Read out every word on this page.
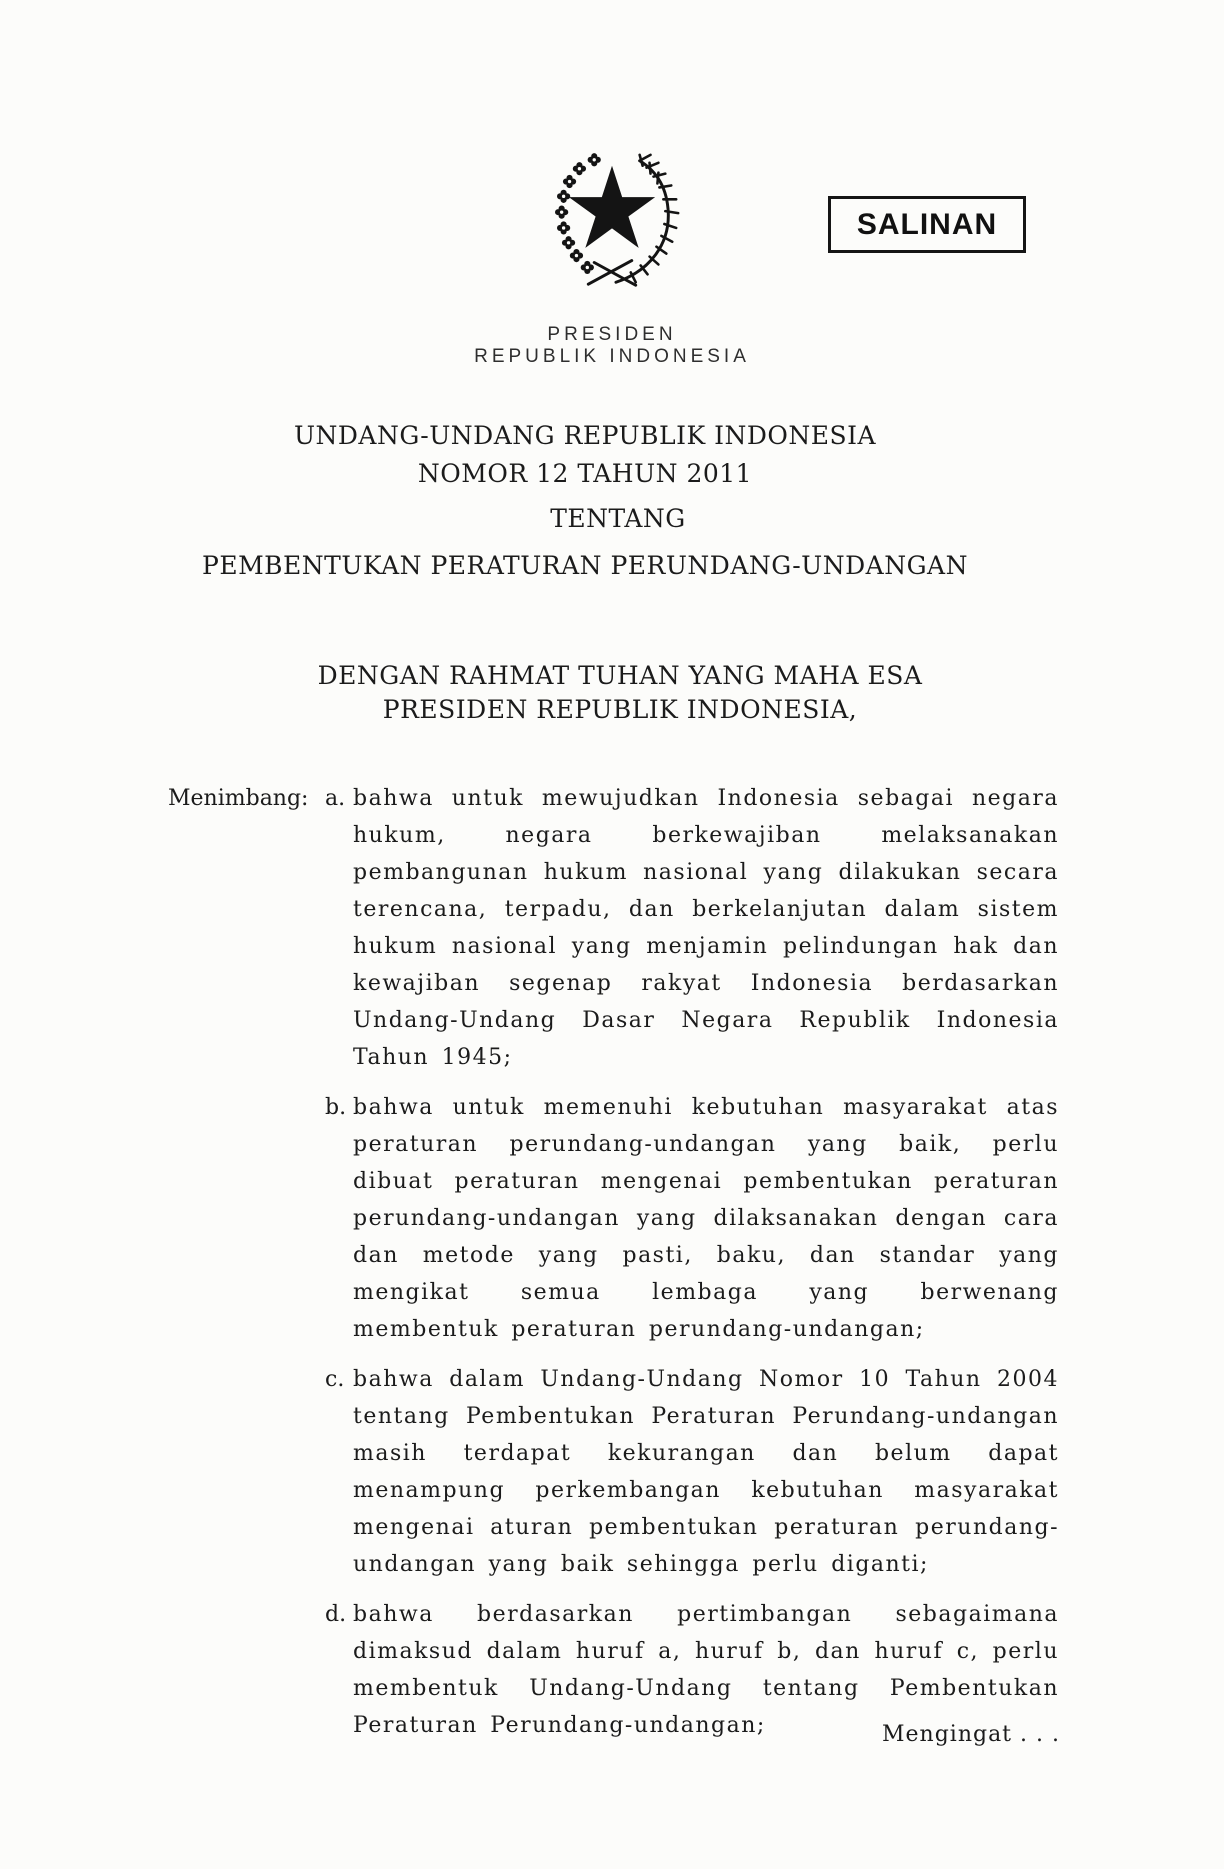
SALINAN
PRESIDEN
REPUBLIK INDONESIA
UNDANG-UNDANG REPUBLIK INDONESIA
NOMOR 12 TAHUN 2011
TENTANG
PEMBENTUKAN PERATURAN PERUNDANG-UNDANGAN
DENGAN RAHMAT TUHAN YANG MAHA ESA
PRESIDEN REPUBLIK INDONESIA,
Menimbang : a. bahwa untuk mewujudkan Indonesia sebagai negara hukum, negara berkewajiban melaksanakan pembangunan hukum nasional yang dilakukan secara terencana, terpadu, dan berkelanjutan dalam sistem hukum nasional yang menjamin pelindungan hak dan kewajiban segenap rakyat Indonesia berdasarkan Undang-Undang Dasar Negara Republik Indonesia Tahun 1945;
b. bahwa untuk memenuhi kebutuhan masyarakat atas peraturan perundang-undangan yang baik, perlu dibuat peraturan mengenai pembentukan peraturan perundang-undangan yang dilaksanakan dengan cara dan metode yang pasti, baku, dan standar yang mengikat semua lembaga yang berwenang membentuk peraturan perundang-undangan;
c. bahwa dalam Undang-Undang Nomor 10 Tahun 2004 tentang Pembentukan Peraturan Perundang-undangan masih terdapat kekurangan dan belum dapat menampung perkembangan kebutuhan masyarakat mengenai aturan pembentukan peraturan perundang-undangan yang baik sehingga perlu diganti;
d. bahwa berdasarkan pertimbangan sebagaimana dimaksud dalam huruf a, huruf b, dan huruf c, perlu membentuk Undang-Undang tentang Pembentukan Peraturan Perundang-undangan;	Mengingat . . .
